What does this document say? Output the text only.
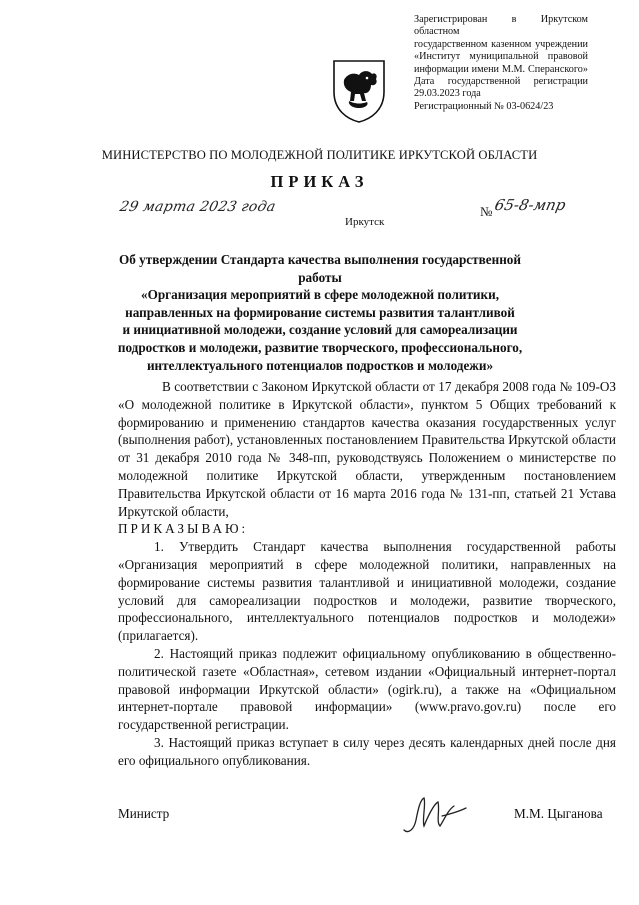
Зарегистрирован в Иркутском областном
государственном казенном учреждении
«Институт муниципальной правовой
информации имени М.М. Сперанского»
Дата государственной регистрации
29.03.2023 года
Регистрационный № 03-0624/23
МИНИСТЕРСТВО ПО МОЛОДЕЖНОЙ ПОЛИТИКЕ ИРКУТСКОЙ ОБЛАСТИ
ПРИКАЗ
29 марта 2023 года
Иркутск
№ 65-8-мпр
Об утверждении Стандарта качества выполнения государственной работы
«Организация мероприятий в сфере молодежной политики,
направленных на формирование системы развития талантливой
и инициативной молодежи, создание условий для самореализации
подростков и молодежи, развитие творческого, профессионального,
интеллектуального потенциалов подростков и молодежи»

В соответствии с Законом Иркутской области от 17 декабря 2008 года № 109-ОЗ «О молодежной политике в Иркутской области», пунктом 5 Общих требований к формированию и применению стандартов качества оказания государственных услуг (выполнения работ), установленных постановлением Правительства Иркутской области от 31 декабря 2010 года № 348-пп, руководствуясь Положением о министерстве по молодежной политике Иркутской области, утвержденным постановлением Правительства Иркутской области от 16 марта 2016 года № 131-пп, статьей 21 Устава Иркутской области,

ПРИКАЗЫВАЮ:

1. Утвердить Стандарт качества выполнения государственной работы «Организация мероприятий в сфере молодежной политики, направленных на формирование системы развития талантливой и инициативной молодежи, создание условий для самореализации подростков и молодежи, развитие творческого, профессионального, интеллектуального потенциалов подростков и молодежи» (прилагается).

2. Настоящий приказ подлежит официальному опубликованию в общественно-политической газете «Областная», сетевом издании «Официальный интернет-портал правовой информации Иркутской области» (ogirk.ru), а также на «Официальном интернет-портале правовой информации» (www.pravo.gov.ru) после его государственной регистрации.

3. Настоящий приказ вступает в силу через десять календарных дней после дня его официального опубликования.

Министр	М.М. Цыганова
